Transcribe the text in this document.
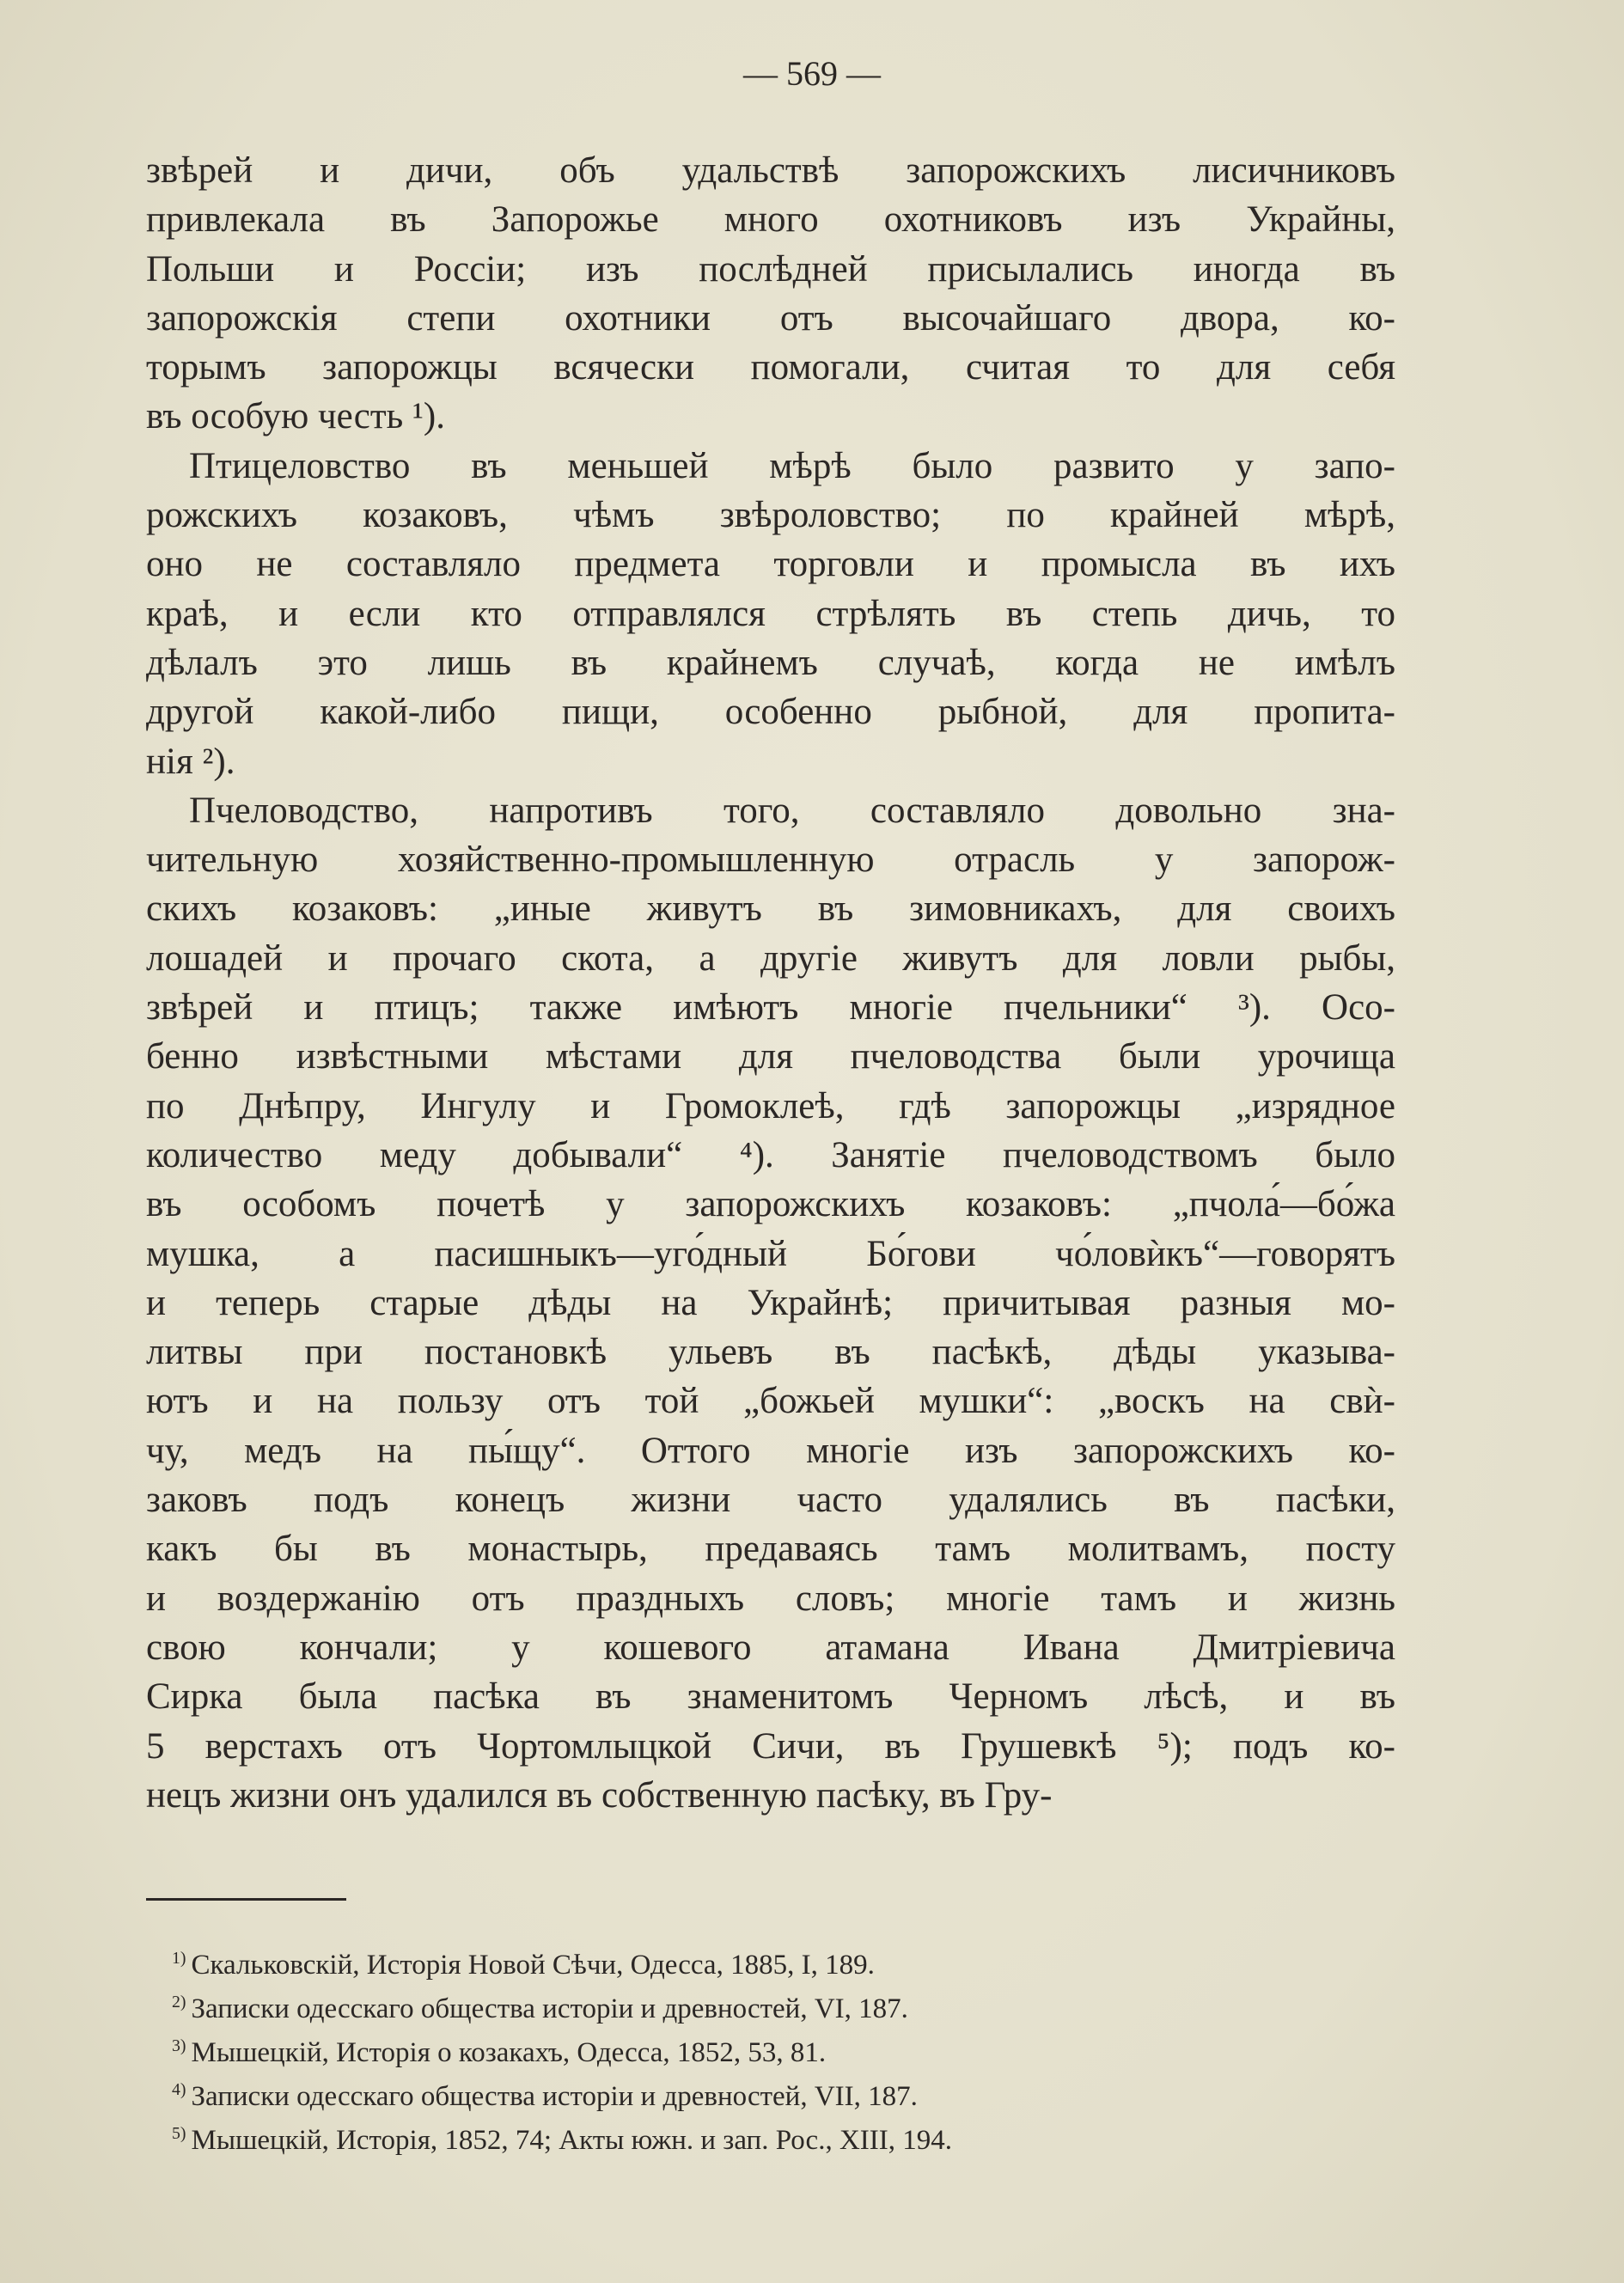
— 569 —
звѣрей и дичи, объ удальствѣ запорожскихъ лисичниковъ
привлекала въ Запорожье много охотниковъ изъ Украйны,
Польши и Россіи; изъ послѣдней присылались иногда въ
запорожскія степи охотники отъ высочайшаго двора, ко-
торымъ запорожцы всячески помогали, считая то для себя
въ особую честь ¹).
Птицеловство въ меньшей мѣрѣ было развито у запо-
рожскихъ козаковъ, чѣмъ звѣроловство; по крайней мѣрѣ,
оно не составляло предмета торговли и промысла въ ихъ
краѣ, и если кто отправлялся стрѣлять въ степь дичь, то
дѣлалъ это лишь въ крайнемъ случаѣ, когда не имѣлъ
другой какой-либо пищи, особенно рыбной, для пропита-
нія ²).
Пчеловодство, напротивъ того, составляло довольно зна-
чительную хозяйственно-промышленную отрасль у запорож-
скихъ козаковъ: „иные живутъ въ зимовникахъ, для своихъ
лошадей и прочаго скота, а другіе живутъ для ловли рыбы,
звѣрей и птицъ; также имѣютъ многіе пчельники“ ³). Осо-
бенно извѣстными мѣстами для пчеловодства были урочища
по Днѣпру, Ингулу и Громоклеѣ, гдѣ запорожцы „изрядное
количество меду добывали“ ⁴). Занятіе пчеловодствомъ было
въ особомъ почетѣ у запорожскихъ козаковъ: „пчола́—бо́жа
мушка, а пасишныкъ—уго́дный Бо́гови чо́ловѝкъ“—говорятъ
и теперь старые дѣды на Украйнѣ; причитывая разныя мо-
литвы при постановкѣ ульевъ въ пасѣкѣ, дѣды указыва-
ютъ и на пользу отъ той „божьей мушки“: „воскъ на свѝ-
чу, медъ на пы́щу“. Оттого многіе изъ запорожскихъ ко-
заковъ подъ конецъ жизни часто удалялись въ пасѣки,
какъ бы въ монастырь, предаваясь тамъ молитвамъ, посту
и воздержанію отъ праздныхъ словъ; многіе тамъ и жизнь
свою кончали; у кошевого атамана Ивана Дмитріевича
Сирка была пасѣка въ знаменитомъ Черномъ лѣсѣ, и въ
5 верстахъ отъ Чортомлыцкой Сичи, въ Грушевкѣ ⁵); подъ ко-
нецъ жизни онъ удалился въ собственную пасѣку, въ Гру-
$^{1)}$ Скальковскій, Исторія Новой Сѣчи, Одесса, 1885, I, 189.
$^{2)}$ Записки одесскаго общества исторіи и древностей, VI, 187.
$^{3)}$ Мышецкій, Исторія о козакахъ, Одесса, 1852, 53, 81.
$^{4)}$ Записки одесскаго общества исторіи и древностей, VII, 187.
$^{5)}$ Мышецкій, Исторія, 1852, 74; Акты южн. и зап. Рос., XIII, 194.
